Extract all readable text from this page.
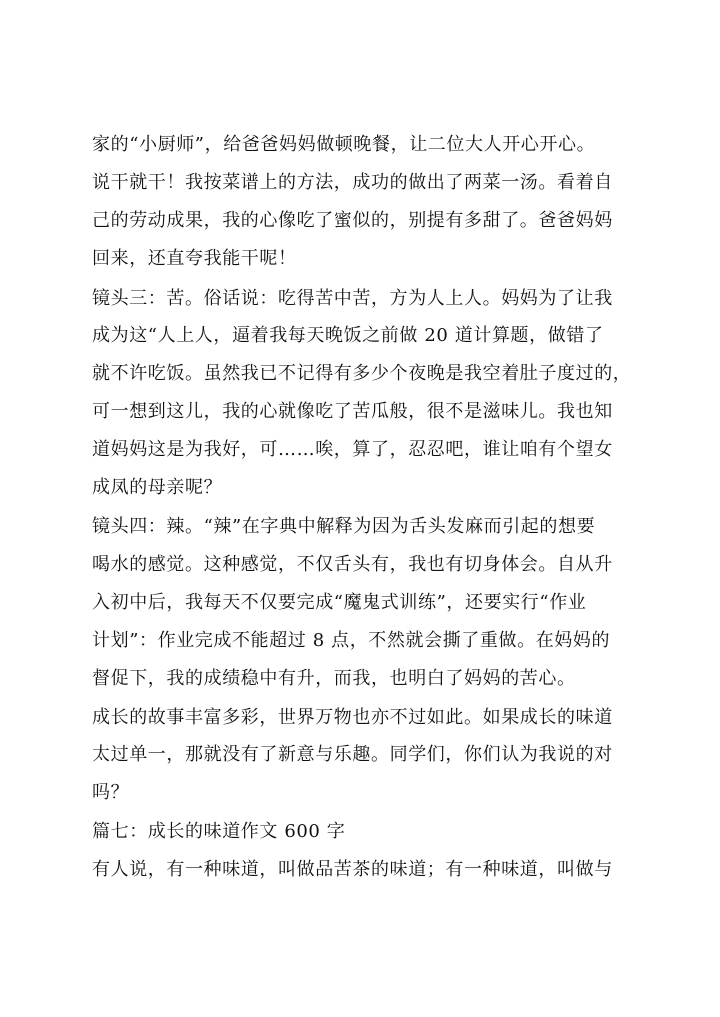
家的“小厨师”，给爸爸妈妈做顿晚餐，让二位大人开心开心。
说干就干！我按菜谱上的方法，成功的做出了两菜一汤。看着自
己的劳动成果，我的心像吃了蜜似的，别提有多甜了。爸爸妈妈
回来，还直夸我能干呢！
镜头三：苦。俗话说：吃得苦中苦，方为人上人。妈妈为了让我
成为这“人上人，逼着我每天晚饭之前做 20 道计算题，做错了
就不许吃饭。虽然我已不记得有多少个夜晚是我空着肚子度过的，
可一想到这儿，我的心就像吃了苦瓜般，很不是滋味儿。我也知
道妈妈这是为我好，可……唉，算了，忍忍吧，谁让咱有个望女
成凤的母亲呢？
镜头四：辣。“辣”在字典中解释为因为舌头发麻而引起的想要
喝水的感觉。这种感觉，不仅舌头有，我也有切身体会。自从升
入初中后，我每天不仅要完成“魔鬼式训练”，还要实行“作业
计划”：作业完成不能超过 8 点，不然就会撕了重做。在妈妈的
督促下，我的成绩稳中有升，而我，也明白了妈妈的苦心。
成长的故事丰富多彩，世界万物也亦不过如此。如果成长的味道
太过单一，那就没有了新意与乐趣。同学们，你们认为我说的对
吗？
篇七：成长的味道作文 600 字
有人说，有一种味道，叫做品苦茶的味道；有一种味道，叫做与
